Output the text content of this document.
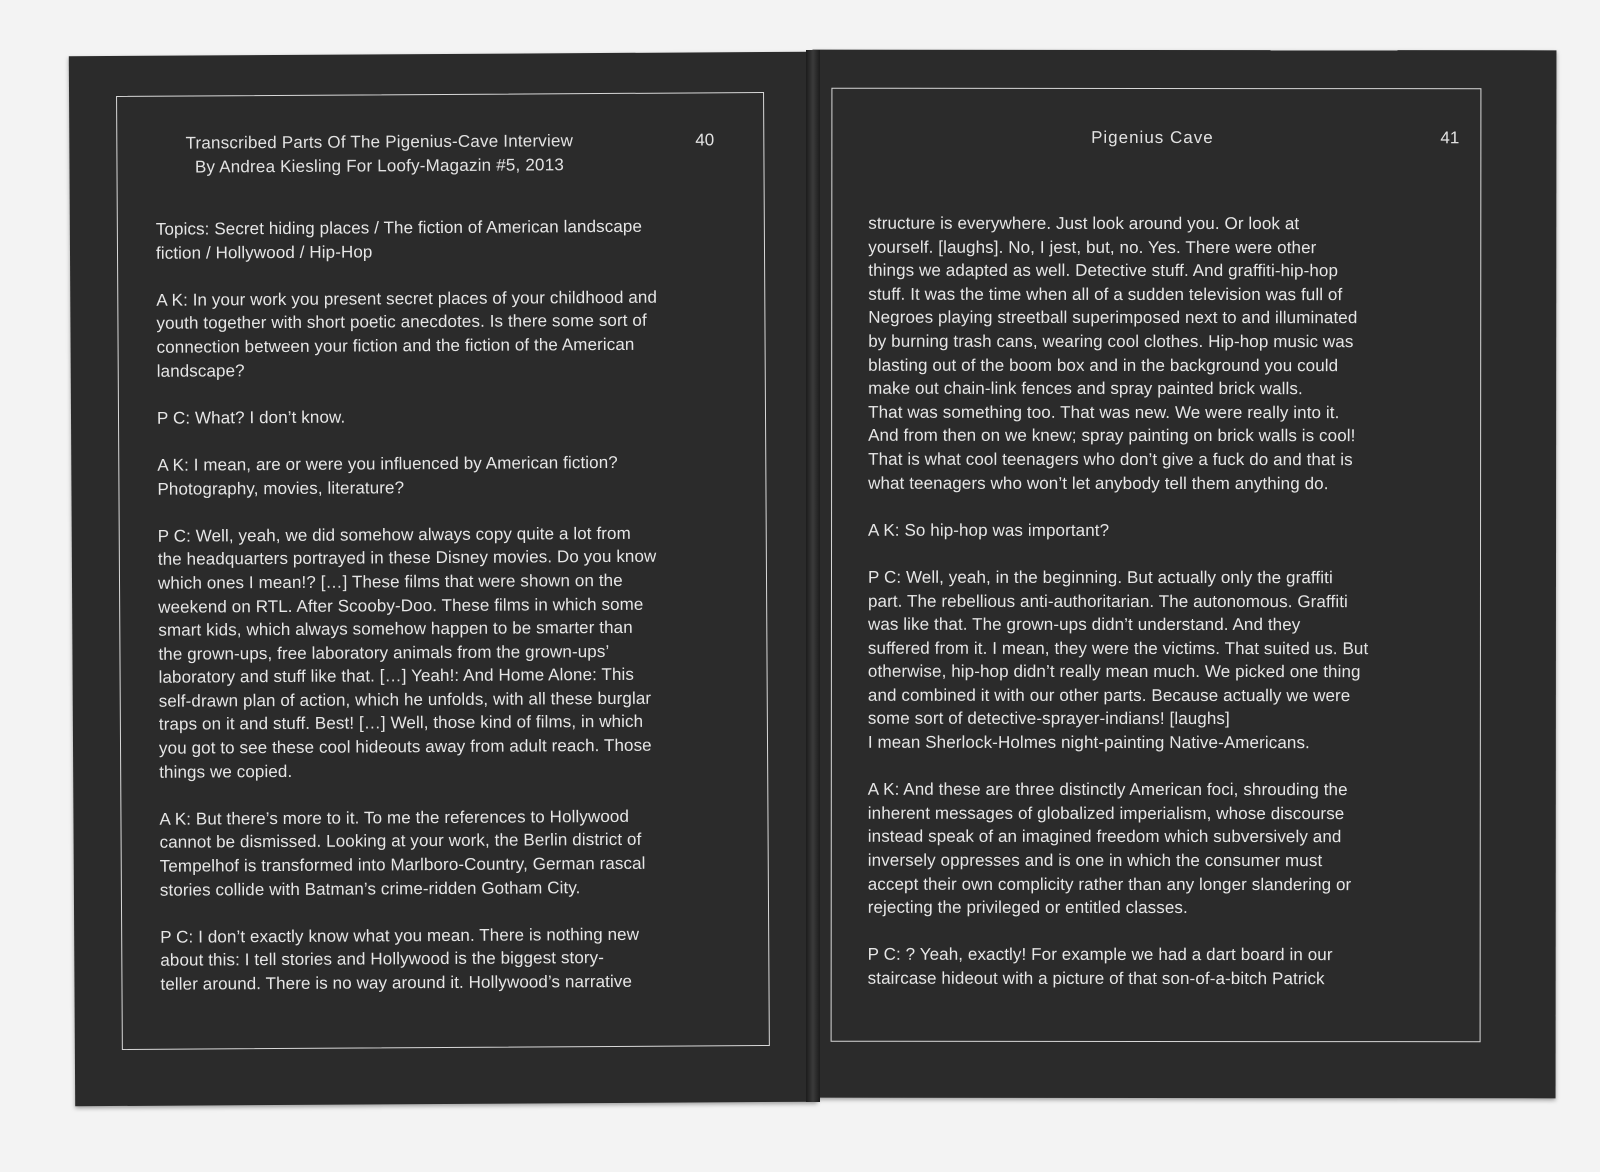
Transcribed Parts Of The Pigenius-Cave Interview
By Andrea Kiesling For Loofy-Magazin #5, 2013
40

Topics: Secret hiding places / The fiction of American landscape
fiction / Hollywood / Hip-Hop

A K: In your work you present secret places of your childhood and
youth together with short poetic anecdotes. Is there some sort of
connection between your fiction and the fiction of the American
landscape?

P C: What? I don’t know.

A K: I mean, are or were you influenced by American fiction?
Photography, movies, literature?

P C: Well, yeah, we did somehow always copy quite a lot from
the headquarters portrayed in these Disney movies. Do you know
which ones I mean!? […] These films that were shown on the
weekend on RTL. After Scooby-Doo. These films in which some
smart kids, which always somehow happen to be smarter than
the grown-ups, free laboratory animals from the grown-ups’
laboratory and stuff like that. […] Yeah!: And Home Alone: This
self-drawn plan of action, which he unfolds, with all these burglar
traps on it and stuff. Best! […] Well, those kind of films, in which
you got to see these cool hideouts away from adult reach. Those
things we copied.

A K: But there’s more to it. To me the references to Hollywood
cannot be dismissed. Looking at your work, the Berlin district of
Tempelhof is transformed into Marlboro-Country, German rascal
stories collide with Batman’s crime-ridden Gotham City.

P C: I don’t exactly know what you mean. There is nothing new
about this: I tell stories and Hollywood is the biggest story-
teller around. There is no way around it. Hollywood’s narrative

Pigenius Cave	41

structure is everywhere. Just look around you. Or look at
yourself. [laughs]. No, I jest, but, no. Yes. There were other
things we adapted as well. Detective stuff. And graffiti-hip-hop
stuff. It was the time when all of a sudden television was full of
Negroes playing streetball superimposed next to and illuminated
by burning trash cans, wearing cool clothes. Hip-hop music was
blasting out of the boom box and in the background you could
make out chain-link fences and spray painted brick walls.
That was something too. That was new. We were really into it.
And from then on we knew; spray painting on brick walls is cool!
That is what cool teenagers who don’t give a fuck do and that is
what teenagers who won’t let anybody tell them anything do.

A K: So hip-hop was important?

P C: Well, yeah, in the beginning. But actually only the graffiti
part. The rebellious anti-authoritarian. The autonomous. Graffiti
was like that. The grown-ups didn’t understand. And they
suffered from it. I mean, they were the victims. That suited us. But
otherwise, hip-hop didn’t really mean much. We picked one thing
and combined it with our other parts. Because actually we were
some sort of detective-sprayer-indians! [laughs]
I mean Sherlock-Holmes night-painting Native-Americans.

A K: And these are three distinctly American foci, shrouding the
inherent messages of globalized imperialism, whose discourse
instead speak of an imagined freedom which subversively and
inversely oppresses and is one in which the consumer must
accept their own complicity rather than any longer slandering or
rejecting the privileged or entitled classes.

P C: ? Yeah, exactly! For example we had a dart board in our
staircase hideout with a picture of that son-of-a-bitch Patrick
